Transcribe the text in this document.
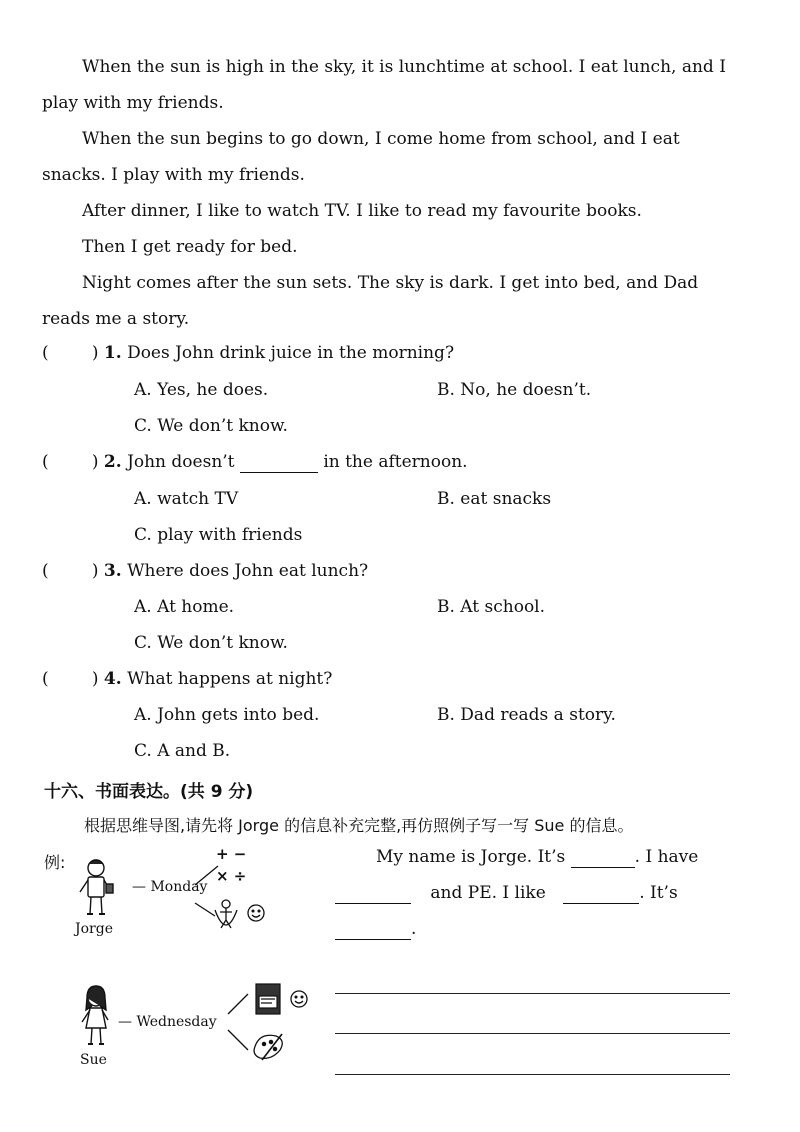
When the sun is high in the sky, it is lunchtime at school. I eat lunch, and I
play with my friends.
When the sun begins to go down, I come home from school, and I eat
snacks. I play with my friends.
After dinner, I like to watch TV. I like to read my favourite books.
Then I get ready for bed.
Night comes after the sun sets. The sky is dark. I get into bed, and Dad
reads me a story.
(        ) 1. Does John drink juice in the morning?
A. Yes, he does.	B. No, he doesn’t.
C. We don’t know.
(        ) 2. John doesn’t	in the afternoon.
A. watch TV	B. eat snacks
C. play with friends
(        ) 3. Where does John eat lunch?
A. At home.	B. At school.
C. We don’t know.
(        ) 4. What happens at night?
A. John gets into bed.	B. Dad reads a story.
C. A and B.
十六、书面表达。(共 9 分)
根据思维导图,请先将 Jorge 的信息补充完整,再仿照例子写一写 Sue 的信息。
例:
— Monday
Jorge
+ −
× ÷
My name is Jorge. It’s	. I have
and PE. I like	. It’s
.
— Wednesday
Sue
